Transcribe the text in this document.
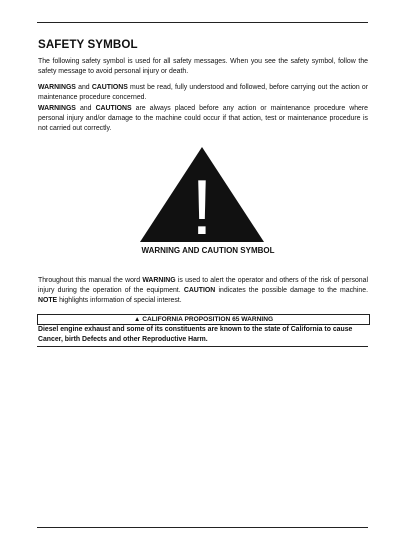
SAFETY SYMBOL

The following safety symbol is used for all safety messages. When you see the safety symbol, follow the safety message to avoid personal injury or death.

WARNINGS and CAUTIONS must be read, fully understood and followed, before carrying out the action or maintenance procedure concerned.

WARNINGS and CAUTIONS are always placed before any action or maintenance procedure where personal injury and/or damage to the machine could occur if that action, test or maintenance procedure is not carried out correctly.

!

WARNING AND CAUTION SYMBOL

Throughout this manual the word WARNING is used to alert the operator and others of the risk of personal injury during the operation of the equipment. CAUTION indicates the possible damage to the machine. NOTE highlights information of special interest.

▲ CALIFORNIA PROPOSITION 65 WARNING

Diesel engine exhaust and some of its constituents are known to the state of California to cause Cancer, birth Defects and other Reproductive Harm.
